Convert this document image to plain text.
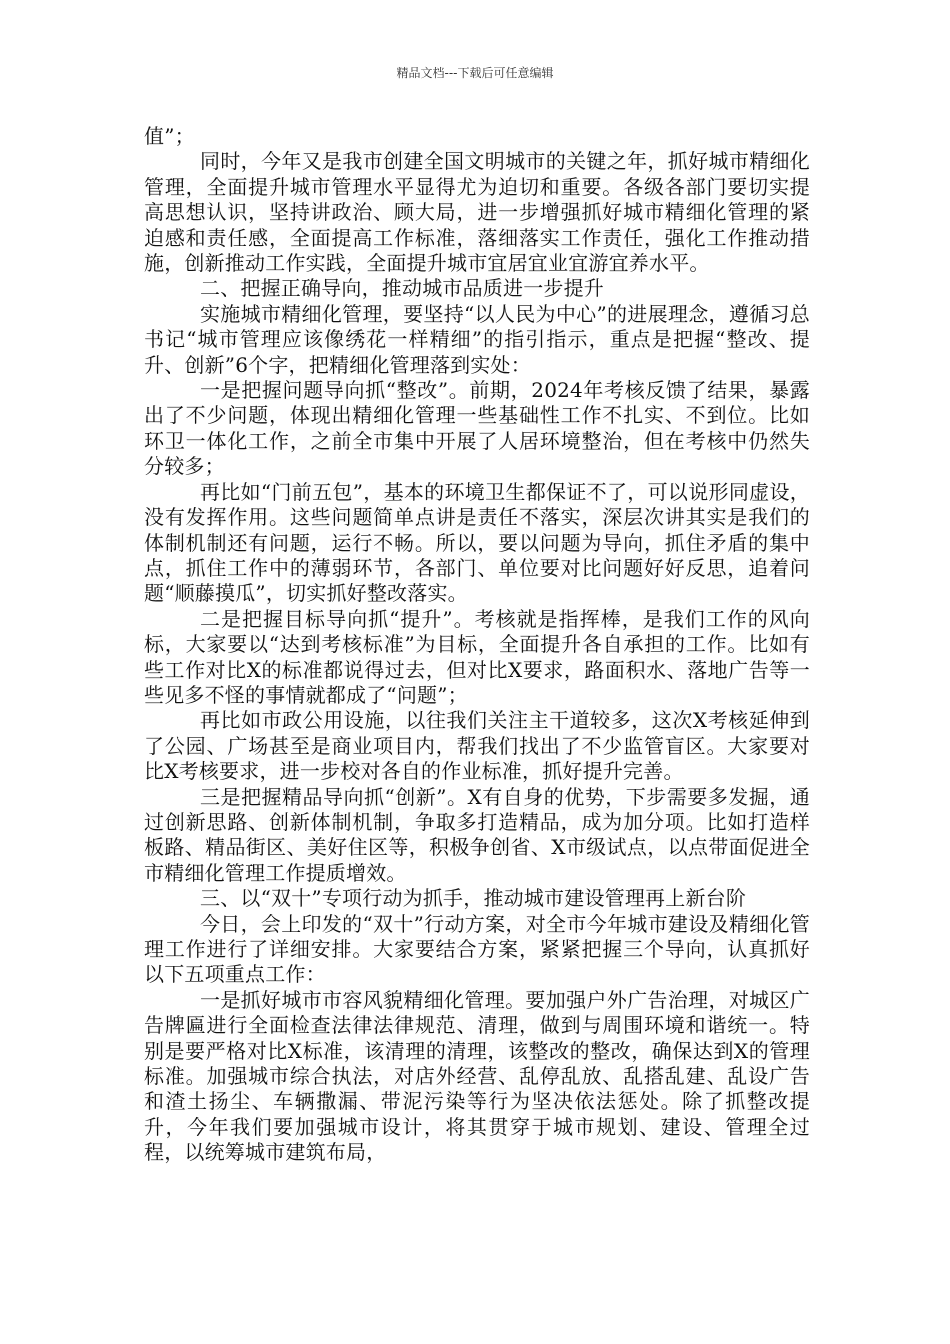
精品文档---下载后可任意编辑

值”；

同时，今年又是我市创建全国文明城市的关键之年，抓好城市精细化管理，全面提升城市管理水平显得尤为迫切和重要。各级各部门要切实提高思想认识，坚持讲政治、顾大局，进一步增强抓好城市精细化管理的紧迫感和责任感，全面提高工作标准，落细落实工作责任，强化工作推动措施，创新推动工作实践，全面提升城市宜居宜业宜游宜养水平。

二、把握正确导向，推动城市品质进一步提升

实施城市精细化管理，要坚持“以人民为中心”的进展理念，遵循习总书记“城市管理应该像绣花一样精细”的指引指示，重点是把握“整改、提升、创新”6个字，把精细化管理落到实处：

一是把握问题导向抓“整改”。前期，2024年考核反馈了结果，暴露出了不少问题，体现出精细化管理一些基础性工作不扎实、不到位。比如环卫一体化工作，之前全市集中开展了人居环境整治，但在考核中仍然失分较多；

再比如“门前五包”，基本的环境卫生都保证不了，可以说形同虚设，没有发挥作用。这些问题简单点讲是责任不落实，深层次讲其实是我们的体制机制还有问题，运行不畅。所以，要以问题为导向，抓住矛盾的集中点，抓住工作中的薄弱环节，各部门、单位要对比问题好好反思，追着问题“顺藤摸瓜”，切实抓好整改落实。

二是把握目标导向抓“提升”。考核就是指挥棒，是我们工作的风向标，大家要以“达到考核标准”为目标，全面提升各自承担的工作。比如有些工作对比X的标准都说得过去，但对比X要求，路面积水、落地广告等一些见多不怪的事情就都成了“问题”；

再比如市政公用设施，以往我们关注主干道较多，这次X考核延伸到了公园、广场甚至是商业项目内，帮我们找出了不少监管盲区。大家要对比X考核要求，进一步校对各自的作业标准，抓好提升完善。

三是把握精品导向抓“创新”。X有自身的优势，下步需要多发掘，通过创新思路、创新体制机制，争取多打造精品，成为加分项。比如打造样板路、精品街区、美好住区等，积极争创省、X市级试点，以点带面促进全市精细化管理工作提质增效。

三、以“双十”专项行动为抓手，推动城市建设管理再上新台阶

今日，会上印发的“双十”行动方案，对全市今年城市建设及精细化管理工作进行了详细安排。大家要结合方案，紧紧把握三个导向，认真抓好以下五项重点工作：

一是抓好城市市容风貌精细化管理。要加强户外广告治理，对城区广告牌匾进行全面检查法律法律规范、清理，做到与周围环境和谐统一。特别是要严格对比X标准，该清理的清理，该整改的整改，确保达到X的管理标准。加强城市综合执法，对店外经营、乱停乱放、乱搭乱建、乱设广告和渣土扬尘、车辆撒漏、带泥污染等行为坚决依法惩处。除了抓整改提升，今年我们要加强城市设计，将其贯穿于城市规划、建设、管理全过程，以统筹城市建筑布局，
